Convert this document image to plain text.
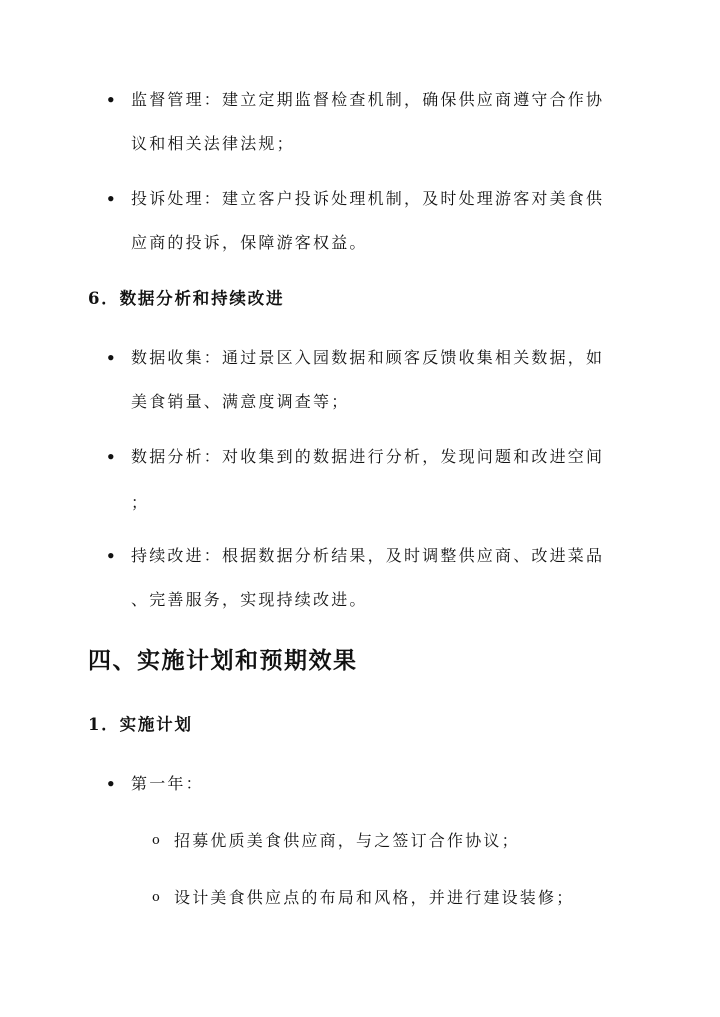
• 监督管理：建立定期监督检查机制，确保供应商遵守合作协
议和相关法律法规；
• 投诉处理：建立客户投诉处理机制，及时处理游客对美食供
应商的投诉，保障游客权益。
6．数据分析和持续改进
• 数据收集：通过景区入园数据和顾客反馈收集相关数据，如
美食销量、满意度调查等；
• 数据分析：对收集到的数据进行分析，发现问题和改进空间
；
• 持续改进：根据数据分析结果，及时调整供应商、改进菜品
、完善服务，实现持续改进。
四、实施计划和预期效果
1．实施计划
• 第一年：
o 招募优质美食供应商，与之签订合作协议；
o 设计美食供应点的布局和风格，并进行建设装修；
